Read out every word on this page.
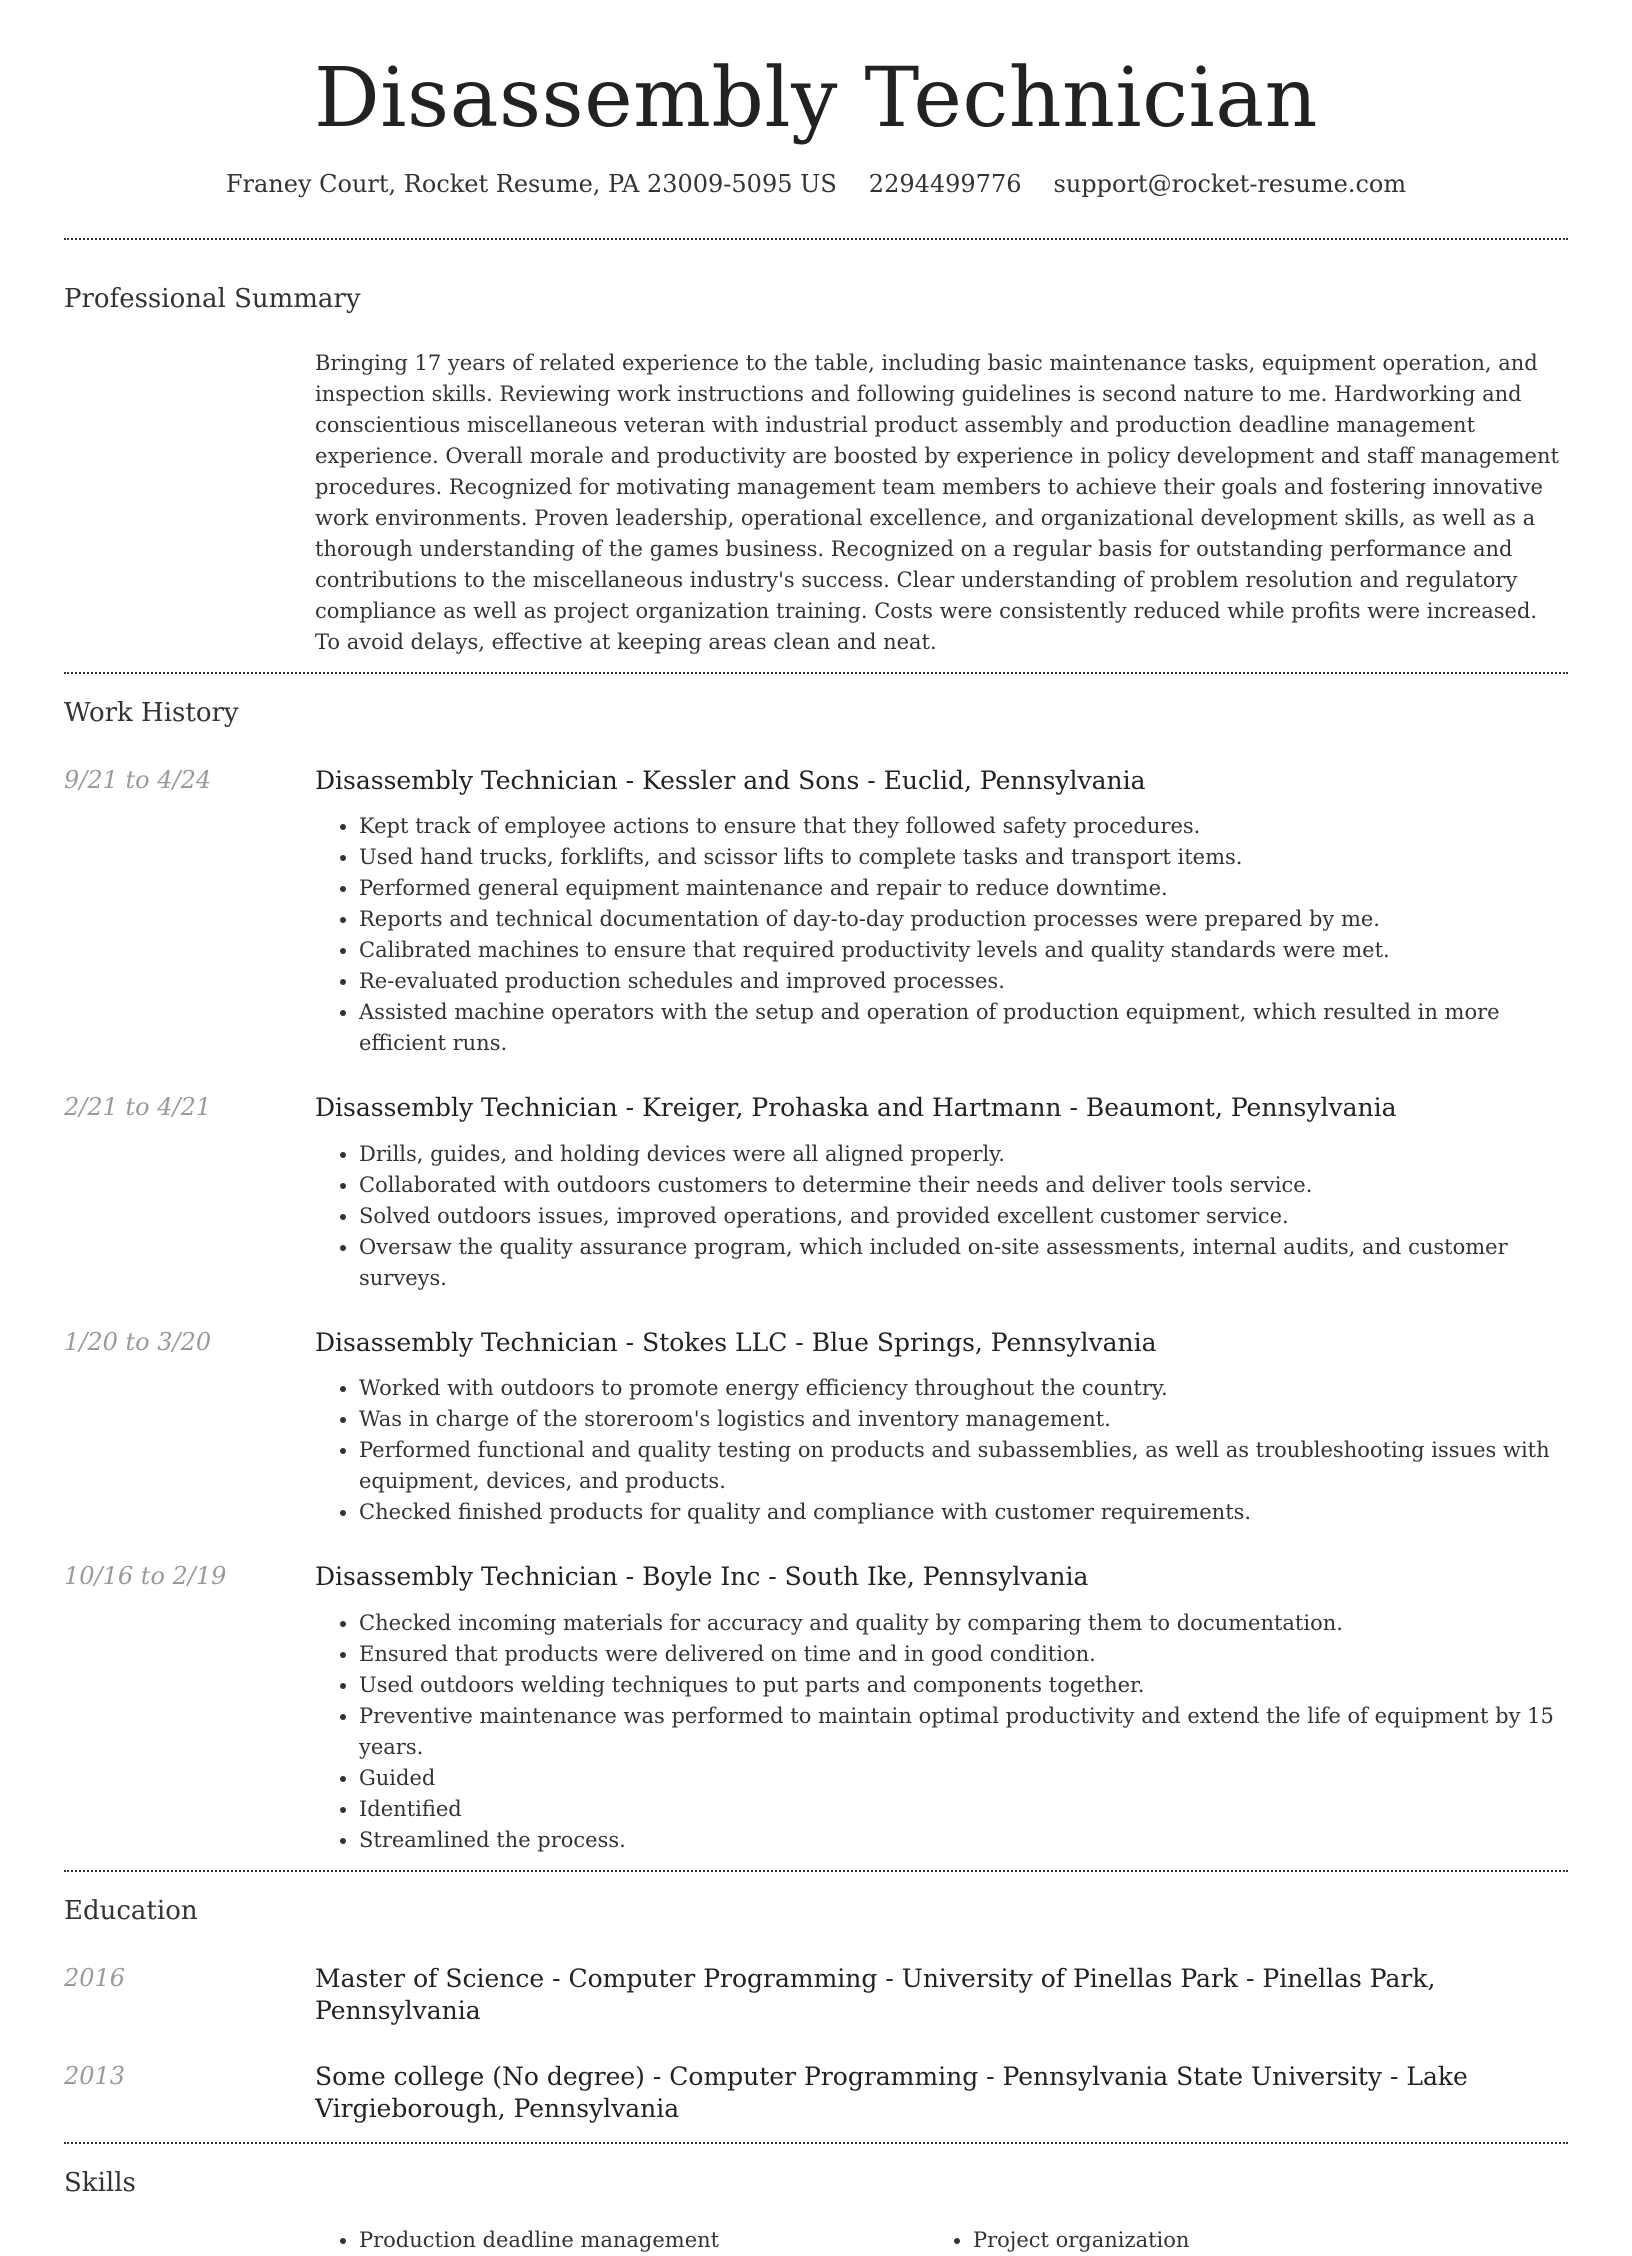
Disassembly Technician
Franey Court, Rocket Resume, PA 23009-5095 US 2294499776 support@rocket-resume.com
Professional Summary

Bringing 17 years of related experience to the table, including basic maintenance tasks, equipment operation, and inspection skills. Reviewing work instructions and following guidelines is second nature to me. Hardworking and conscientious miscellaneous veteran with industrial product assembly and production deadline management experience. Overall morale and productivity are boosted by experience in policy development and staff management procedures. Recognized for motivating management team members to achieve their goals and fostering innovative work environments. Proven leadership, operational excellence, and organizational development skills, as well as a thorough understanding of the games business. Recognized on a regular basis for outstanding performance and contributions to the miscellaneous industry's success. Clear understanding of problem resolution and regulatory compliance as well as project organization training. Costs were consistently reduced while profits were increased. To avoid delays, effective at keeping areas clean and neat.

Work History
9/21 to 4/24	Disassembly Technician - Kessler and Sons - Euclid, Pennsylvania
• Kept track of employee actions to ensure that they followed safety procedures.
• Used hand trucks, forklifts, and scissor lifts to complete tasks and transport items.
• Performed general equipment maintenance and repair to reduce downtime.
• Reports and technical documentation of day-to-day production processes were prepared by me.
• Calibrated machines to ensure that required productivity levels and quality standards were met.
• Re-evaluated production schedules and improved processes.
• Assisted machine operators with the setup and operation of production equipment, which resulted in more efficient runs.
2/21 to 4/21	Disassembly Technician - Kreiger, Prohaska and Hartmann - Beaumont, Pennsylvania
• Drills, guides, and holding devices were all aligned properly.
• Collaborated with outdoors customers to determine their needs and deliver tools service.
• Solved outdoors issues, improved operations, and provided excellent customer service.
• Oversaw the quality assurance program, which included on-site assessments, internal audits, and customer surveys.
1/20 to 3/20	Disassembly Technician - Stokes LLC - Blue Springs, Pennsylvania
• Worked with outdoors to promote energy efficiency throughout the country.
• Was in charge of the storeroom's logistics and inventory management.
• Performed functional and quality testing on products and subassemblies, as well as troubleshooting issues with equipment, devices, and products.
• Checked finished products for quality and compliance with customer requirements.
10/16 to 2/19	Disassembly Technician - Boyle Inc - South Ike, Pennsylvania
• Checked incoming materials for accuracy and quality by comparing them to documentation.
• Ensured that products were delivered on time and in good condition.
• Used outdoors welding techniques to put parts and components together.
• Preventive maintenance was performed to maintain optimal productivity and extend the life of equipment by 15 years.
• Guided
• Identified
• Streamlined the process.
Education
2016	Master of Science - Computer Programming - University of Pinellas Park - Pinellas Park, Pennsylvania
2013	Some college (No degree) - Computer Programming - Pennsylvania State University - Lake Virgieborough, Pennsylvania
Skills
• Production deadline management
•	Project organization
